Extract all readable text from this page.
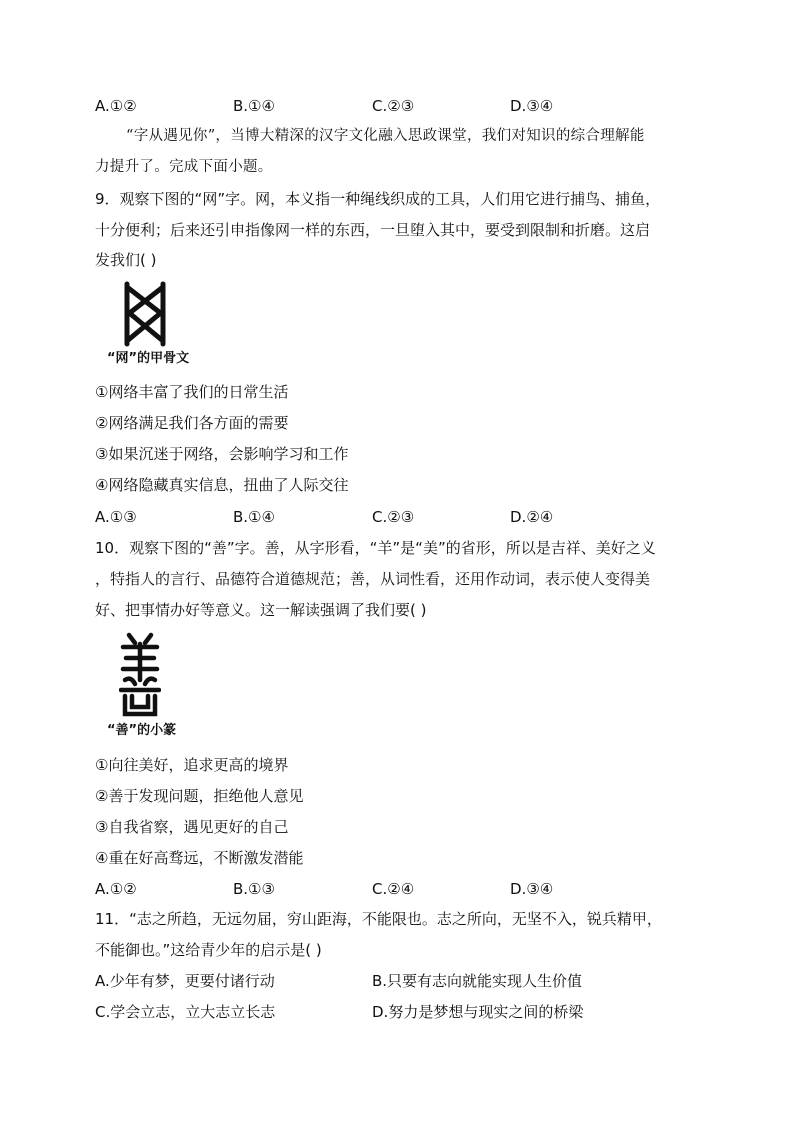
A.①②	B.①④	C.②③	D.③④
“字从遇见你”，当博大精深的汉字文化融入思政课堂，我们对知识的综合理解能
力提升了。完成下面小题。
9．观察下图的“网”字。网，本义指一种绳线织成的工具，人们用它进行捕鸟、捕鱼，
十分便利；后来还引申指像网一样的东西，一旦堕入其中，要受到限制和折磨。这启
发我们( )
“网”的甲骨文
①网络丰富了我们的日常生活
②网络满足我们各方面的需要
③如果沉迷于网络，会影响学习和工作
④网络隐藏真实信息，扭曲了人际交往
A.①③	B.①④	C.②③	D.②④
10．观察下图的“善”字。善，从字形看，“羊”是“美”的省形，所以是吉祥、美好之义
，特指人的言行、品德符合道德规范；善，从词性看，还用作动词，表示使人变得美
好、把事情办好等意义。这一解读强调了我们要( )
“善”的小篆
①向往美好，追求更高的境界
②善于发现问题，拒绝他人意见
③自我省察，遇见更好的自己
④重在好高骛远，不断激发潜能
A.①②	B.①③	C.②④	D.③④
11．“志之所趋，无远勿届，穷山距海，不能限也。志之所向，无坚不入，锐兵精甲，
不能御也。”这给青少年的启示是( )
A.少年有梦，更要付诸行动	B.只要有志向就能实现人生价值
C.学会立志，立大志立长志	D.努力是梦想与现实之间的桥梁
